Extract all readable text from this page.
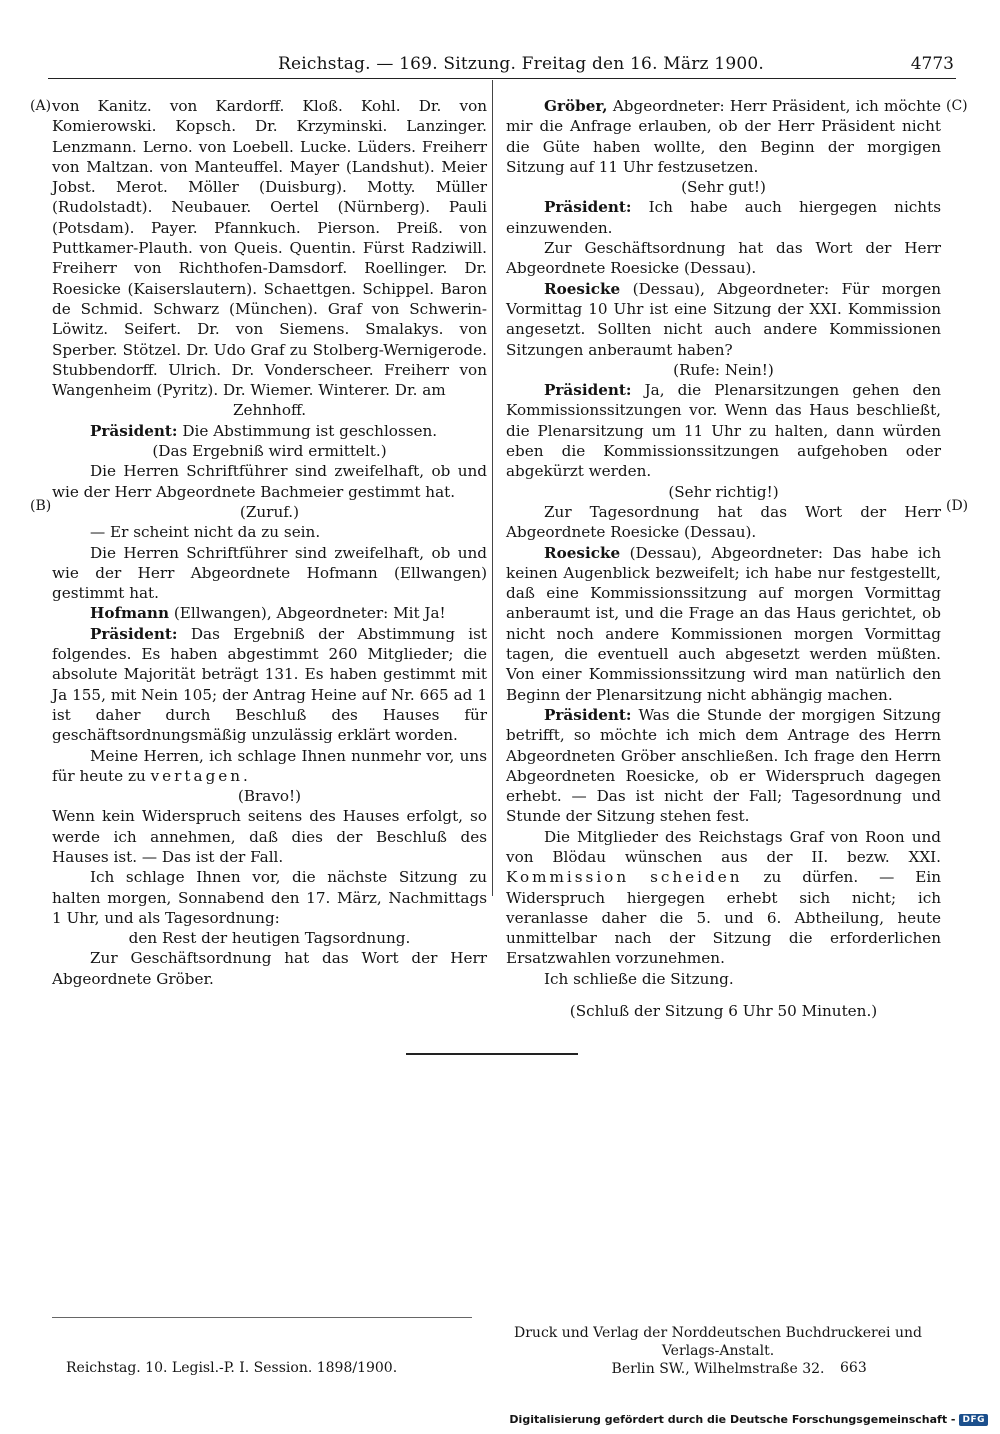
Reichstag. — 169. Sitzung. Freitag den 16. März 1900.	4773
(A)
(B)
(C)
(D)

von Kanitz. von Kardorff. Kloß. Kohl. Dr. von Komierowski. Kopsch. Dr. Krzyminski. Lanzinger. Lenzmann. Lerno. von Loebell. Lucke. Lüders. Freiherr von Maltzan. von Manteuffel. Mayer (Landshut). Meier Jobst. Merot. Möller (Duisburg). Motty. Müller (Rudolstadt). Neubauer. Oertel (Nürnberg). Pauli (Potsdam). Payer. Pfannkuch. Pierson. Preiß. von Puttkamer-Plauth. von Queis. Quentin. Fürst Radziwill. Freiherr von Richthofen-Damsdorf. Roellinger. Dr. Roesicke (Kaiserslautern). Schaettgen. Schippel. Baron de Schmid. Schwarz (München). Graf von Schwerin-Löwitz. Seifert. Dr. von Siemens. Smalakys. von Sperber. Stötzel. Dr. Udo Graf zu Stolberg-Wernigerode. Stubbendorff. Ulrich. Dr. Vonderscheer. Freiherr von Wangenheim (Pyritz). Dr. Wiemer. Winterer. Dr. am

Zehnhoff.

Präsident: Die Abstimmung ist geschlossen.

(Das Ergebniß wird ermittelt.)

Die Herren Schriftführer sind zweifelhaft, ob und wie der Herr Abgeordnete Bachmeier gestimmt hat.

(Zuruf.)

— Er scheint nicht da zu sein.

Die Herren Schriftführer sind zweifelhaft, ob und wie der Herr Abgeordnete Hofmann (Ellwangen) gestimmt hat.

Hofmann (Ellwangen), Abgeordneter: Mit Ja!

Präsident: Das Ergebniß der Abstimmung ist folgendes. Es haben abgestimmt 260 Mitglieder; die absolute Majorität beträgt 131. Es haben gestimmt mit Ja 155, mit Nein 105; der Antrag Heine auf Nr. 665 ad 1 ist daher durch Beschluß des Hauses für geschäftsordnungsmäßig unzulässig erklärt worden.

Meine Herren, ich schlage Ihnen nunmehr vor, uns für heute zu vertagen.

(Bravo!)

Wenn kein Widerspruch seitens des Hauses erfolgt, so werde ich annehmen, daß dies der Beschluß des Hauses ist. — Das ist der Fall.

Ich schlage Ihnen vor, die nächste Sitzung zu halten morgen, Sonnabend den 17. März, Nachmittags 1 Uhr, und als Tagesordnung:

den Rest der heutigen Tagsordnung.

Zur Geschäftsordnung hat das Wort der Herr Abgeordnete Gröber.

Gröber, Abgeordneter: Herr Präsident, ich möchte mir die Anfrage erlauben, ob der Herr Präsident nicht die Güte haben wollte, den Beginn der morgigen Sitzung auf 11 Uhr festzusetzen.

(Sehr gut!)

Präsident: Ich habe auch hiergegen nichts einzuwenden.

Zur Geschäftsordnung hat das Wort der Herr Abgeordnete Roesicke (Dessau).

Roesicke (Dessau), Abgeordneter: Für morgen Vormittag 10 Uhr ist eine Sitzung der XXI. Kommission angesetzt. Sollten nicht auch andere Kommissionen Sitzungen anberaumt haben?

(Rufe: Nein!)

Präsident: Ja, die Plenarsitzungen gehen den Kommissionssitzungen vor. Wenn das Haus beschließt, die Plenarsitzung um 11 Uhr zu halten, dann würden eben die Kommissionssitzungen aufgehoben oder abgekürzt werden.

(Sehr richtig!)

Zur Tagesordnung hat das Wort der Herr Abgeordnete Roesicke (Dessau).

Roesicke (Dessau), Abgeordneter: Das habe ich keinen Augenblick bezweifelt; ich habe nur festgestellt, daß eine Kommissionssitzung auf morgen Vormittag anberaumt ist, und die Frage an das Haus gerichtet, ob nicht noch andere Kommissionen morgen Vormittag tagen, die eventuell auch abgesetzt werden müßten. Von einer Kommissionssitzung wird man natürlich den Beginn der Plenarsitzung nicht abhängig machen.

Präsident: Was die Stunde der morgigen Sitzung betrifft, so möchte ich mich dem Antrage des Herrn Abgeordneten Gröber anschließen. Ich frage den Herrn Abgeordneten Roesicke, ob er Widerspruch dagegen erhebt. — Das ist nicht der Fall; Tagesordnung und Stunde der Sitzung stehen fest.

Die Mitglieder des Reichstags Graf von Roon und von Blödau wünschen aus der II. bezw. XXI. Kommission scheiden zu dürfen. — Ein Widerspruch hiergegen erhebt sich nicht; ich veranlasse daher die 5. und 6. Abtheilung, heute unmittelbar nach der Sitzung die erforderlichen Ersatzwahlen vorzunehmen.

Ich schließe die Sitzung.

(Schluß der Sitzung 6 Uhr 50 Minuten.)

Druck und Verlag der Norddeutschen Buchdruckerei und Verlags-Anstalt.
Berlin SW., Wilhelmstraße 32.
Reichstag. 10. Legisl.-P. I. Session. 1898/1900.	663
Digitalisierung gefördert durch die Deutsche Forschungsgemeinschaft - DFG
